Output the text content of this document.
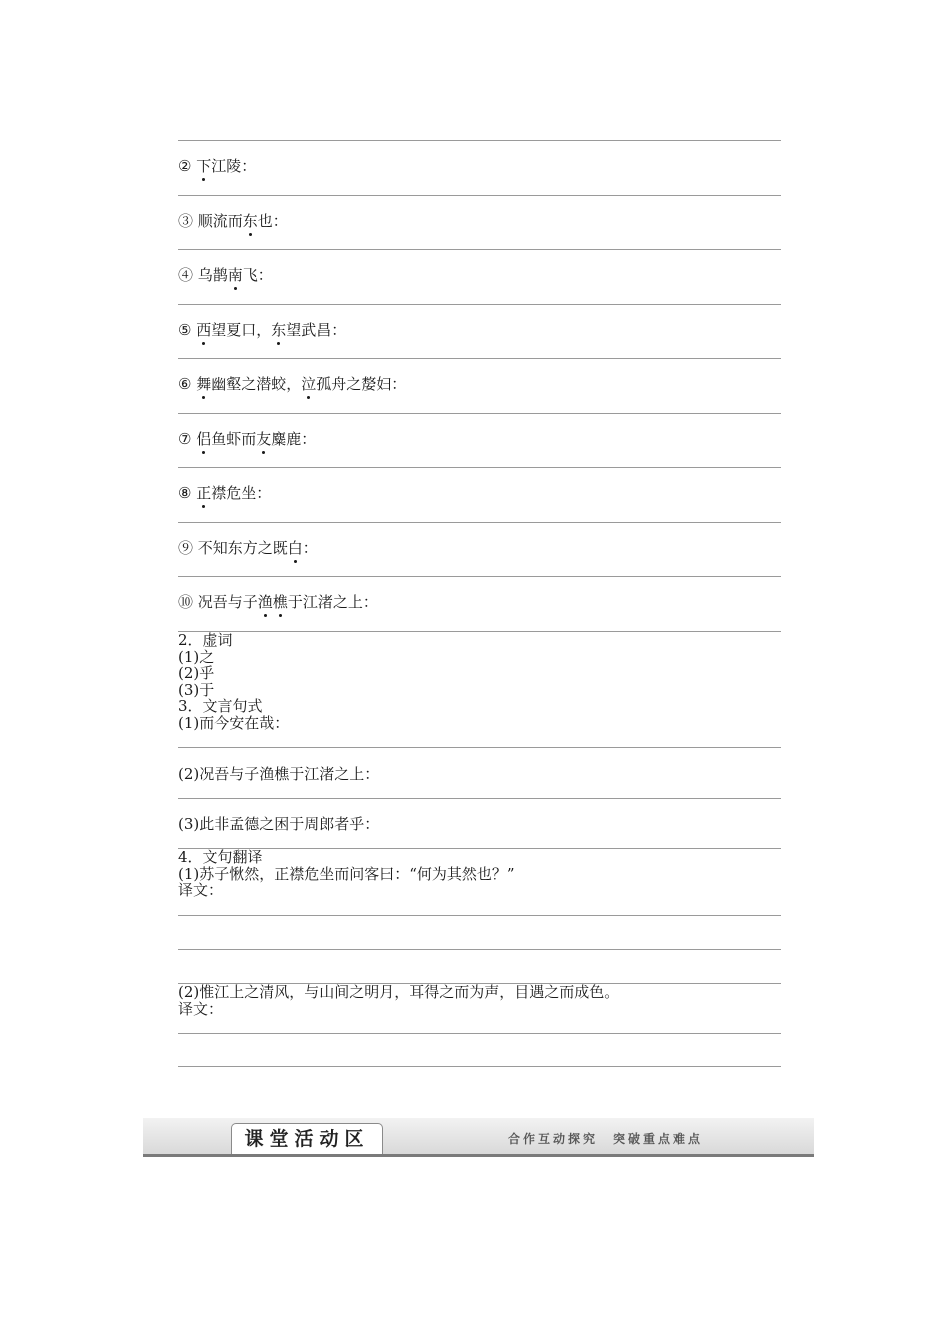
② 下江陵：
③ 顺流而东也：
④ 乌鹊南飞：
⑤ 西望夏口，东望武昌：
⑥ 舞幽壑之潜蛟，泣孤舟之嫠妇：
⑦ 侣鱼虾而友麋鹿：
⑧ 正襟危坐：
⑨ 不知东方之既白：
⑩ 况吾与子渔樵于江渚之上：
2．虚词
(1)之
(2)乎
(3)于
3．文言句式
(1)而今安在哉：
(2)况吾与子渔樵于江渚之上：
(3)此非孟德之困于周郎者乎：
4．文句翻译
(1)苏子愀然，正襟危坐而问客曰：“何为其然也？”
译文：
(2)惟江上之清风，与山间之明月，耳得之而为声，目遇之而成色。
译文：
课堂活动区	合作互动探究　突破重点难点
